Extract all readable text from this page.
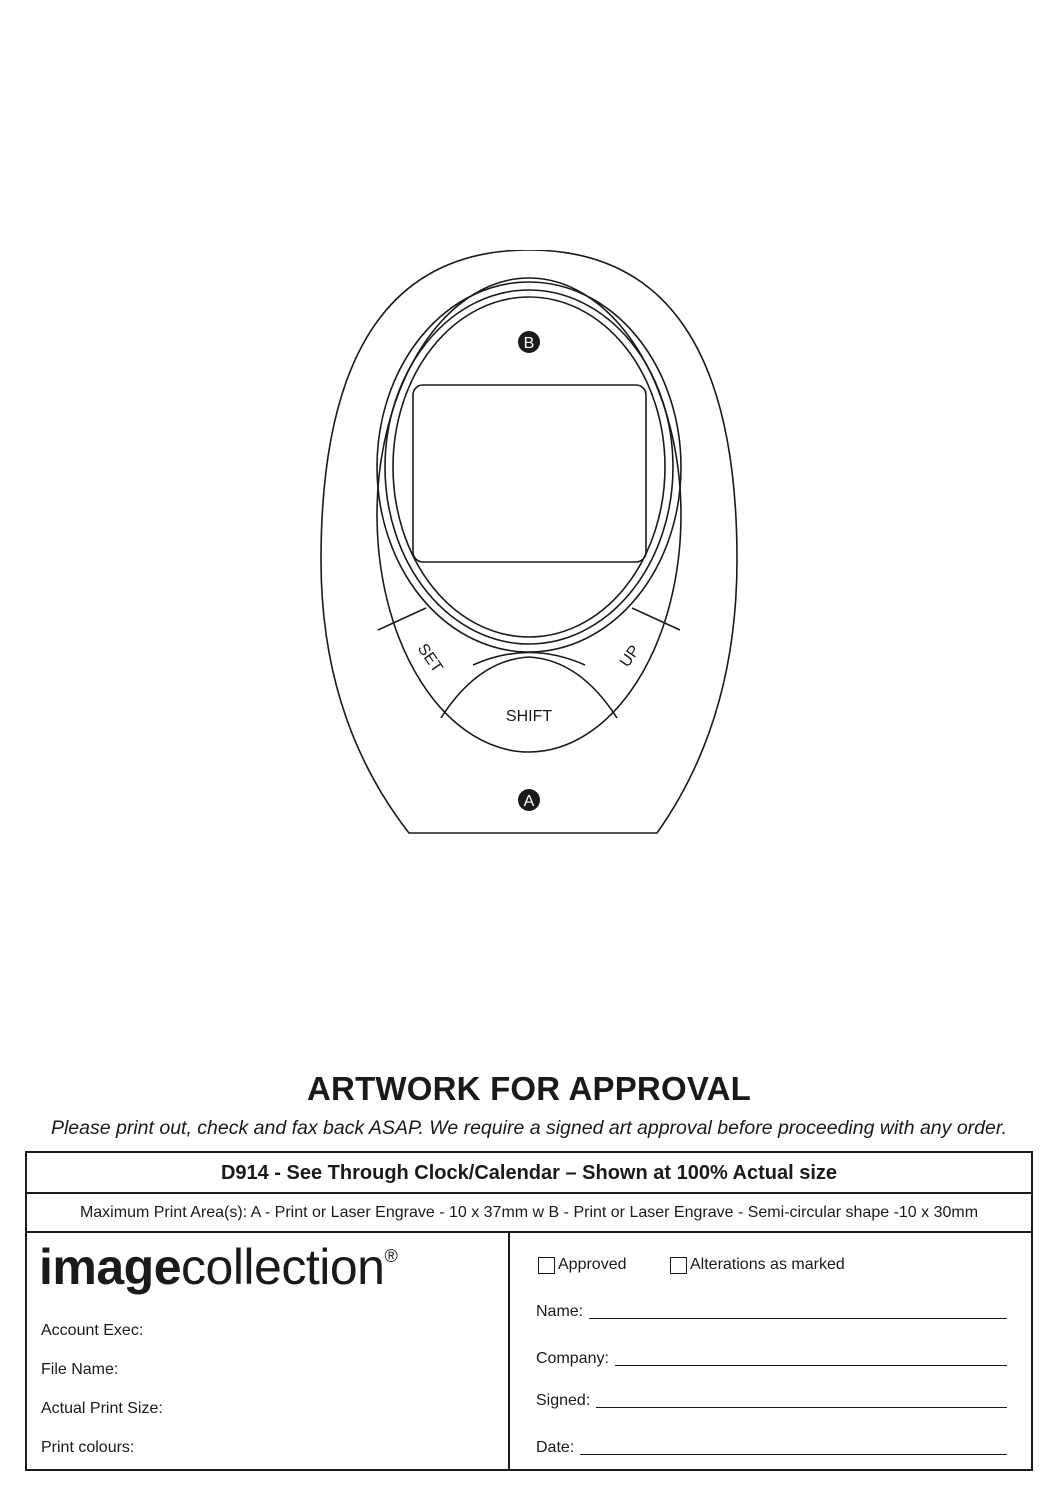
B
A
SET	UP
SHIFT
ARTWORK FOR APPROVAL
Please print out, check and fax back ASAP. We require a signed art approval before proceeding with any order.
D914 - See Through Clock/Calendar – Shown at 100% Actual size
Maximum Print Area(s): A - Print or Laser Engrave - 10 x 37mm w B - Print or Laser Engrave - Semi-circular shape -10 x 30mm
imagecollection®
Account Exec:
File Name:
Actual Print Size:
Print colours:
Approved	Alterations as marked
Name:
Company:
Signed:
Date:
